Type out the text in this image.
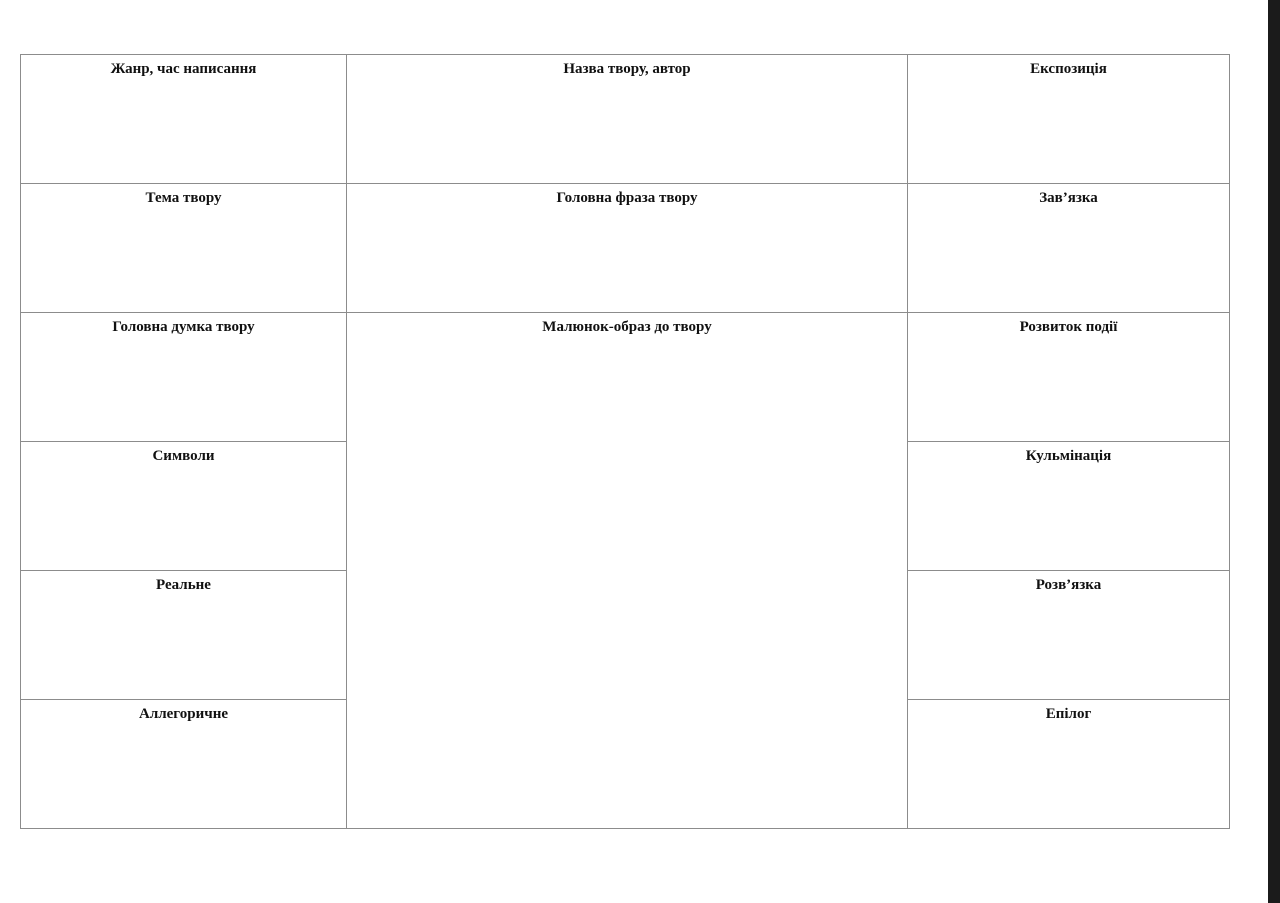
Жанр, час написання	Назва твору, автор	Експозиція
Тема твору	Головна фраза твору	Зав’язка
Головна думка твору	Малюнок-образ до твору	Розвиток події
Символи		Кульмінація
Реальне		Розв’язка
Аллегоричне		Епілог
